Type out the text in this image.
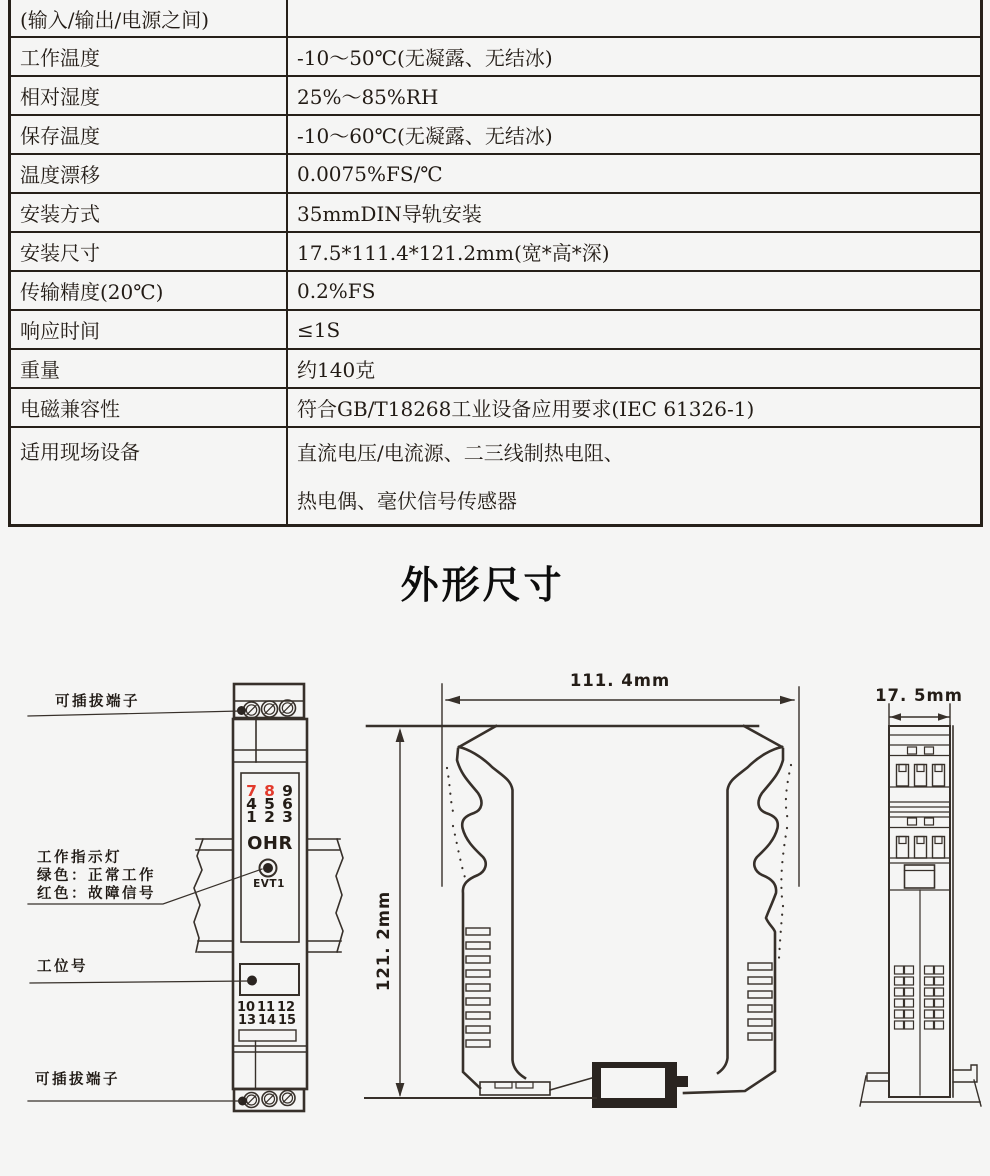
(输入/输出/电源之间)	
工作温度	-10～50℃(无凝露、无结冰)
相对湿度	25%～85%RH
保存温度	-10～60℃(无凝露、无结冰)
温度漂移	0.0075%FS/℃
安装方式	35mmDIN导轨安装
安装尺寸	17.5*111.4*121.2mm(宽*高*深)
传输精度(20℃)	0.2%FS
响应时间	≤1S
重量	约140克
电磁兼容性	符合GB/T18268工业设备应用要求(IEC 61326-1)
适用现场设备	直流电压/电流源、二三线制热电阻、
热电偶、毫伏信号传感器
外形尺寸
7 8 9
4 5 6
1 2 3
OHR
EVT1
10 11 12
13 14 15
可插拔端子
工作指示灯
绿色：正常工作
红色：故障信号
工位号
可插拔端子
111. 4mm
121. 2mm
17. 5mm
